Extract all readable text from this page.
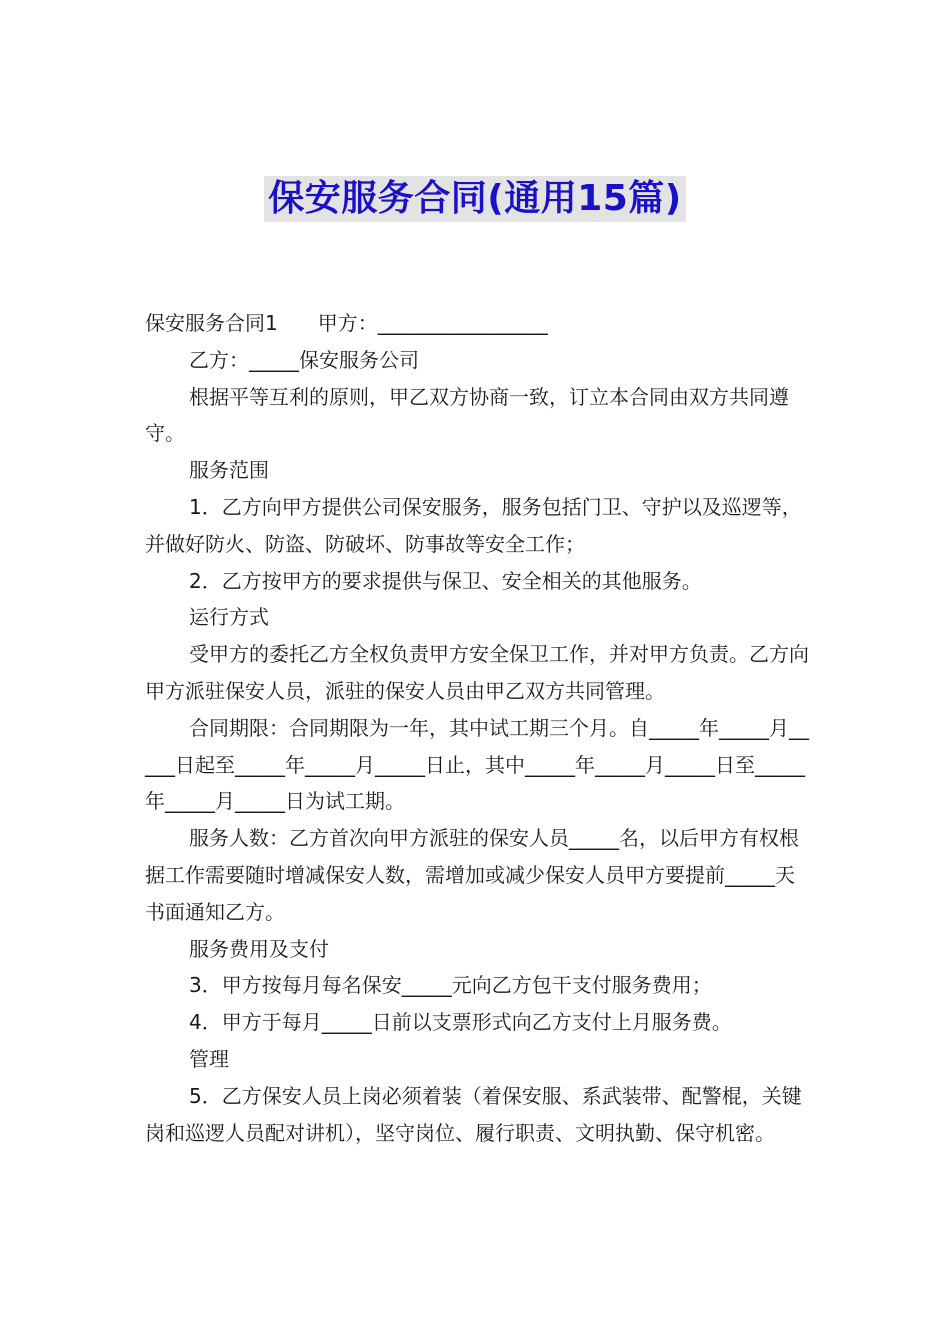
保安服务合同(通用15篇)

保安服务合同1 甲方：_________________

乙方：_____保安服务公司

根据平等互利的原则，甲乙双方协商一致，订立本合同由双方共同遵守。

服务范围

1．乙方向甲方提供公司保安服务，服务包括门卫、守护以及巡逻等，并做好防火、防盗、防破坏、防事故等安全工作；

2．乙方按甲方的要求提供与保卫、安全相关的其他服务。

运行方式

受甲方的委托乙方全权负责甲方安全保卫工作，并对甲方负责。乙方向甲方派驻保安人员，派驻的保安人员由甲乙双方共同管理。

合同期限：合同期限为一年，其中试工期三个月。自_____年_____月_____日起至_____年_____月_____日止，其中_____年_____月_____日至_____年_____月_____日为试工期。

服务人数：乙方首次向甲方派驻的保安人员_____名，以后甲方有权根据工作需要随时增减保安人数，需增加或减少保安人员甲方要提前_____天书面通知乙方。

服务费用及支付

3．甲方按每月每名保安_____元向乙方包干支付服务费用；

4．甲方于每月_____日前以支票形式向乙方支付上月服务费。

管理

5．乙方保安人员上岗必须着装（着保安服、系武装带、配警棍，关键岗和巡逻人员配对讲机），坚守岗位、履行职责、文明执勤、保守机密。
